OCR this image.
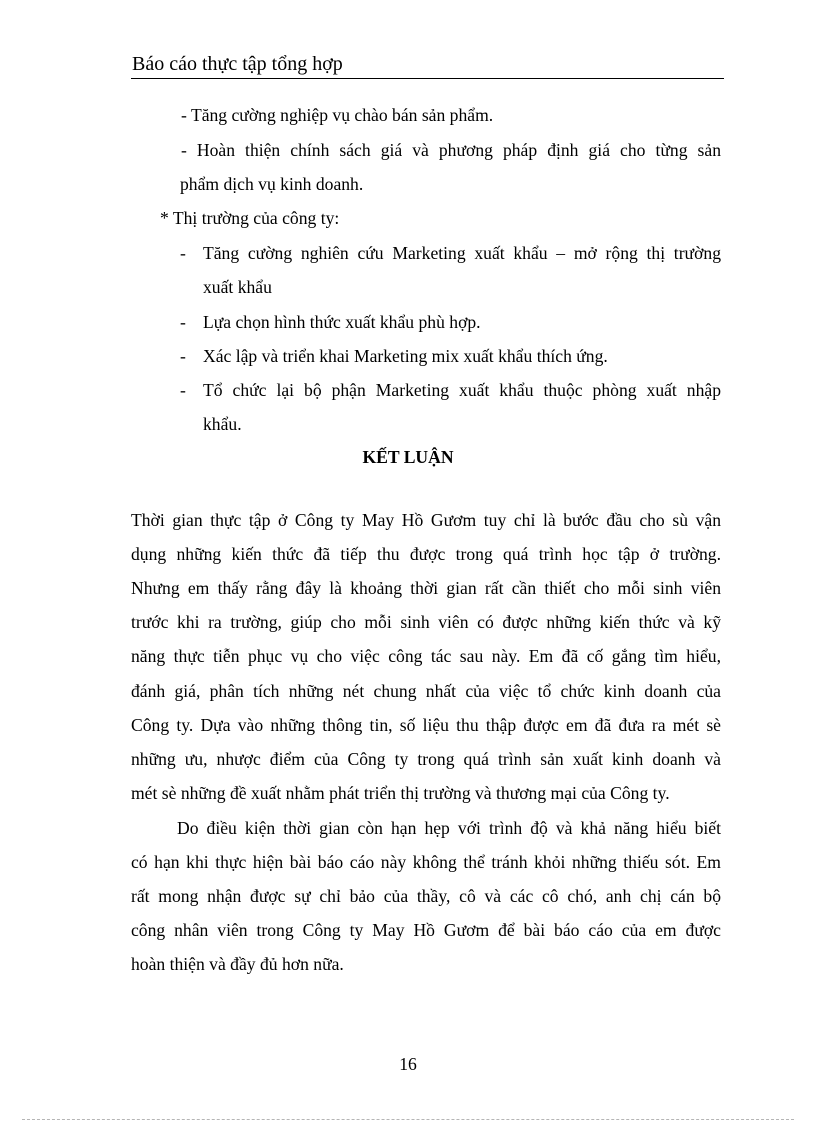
Báo cáo thực tập tổng hợp

- Tăng cường nghiệp vụ chào bán sản phẩm.

- Hoàn thiện chính sách giá và phương pháp định giá cho từng sản

phẩm dịch vụ kinh doanh.

* Thị trường của công ty:

- Tăng cường nghiên cứu Marketing xuất khẩu – mở rộng thị trường

xuất khẩu

- Lựa chọn hình thức xuất khẩu phù hợp.

- Xác lập và triển khai Marketing mix xuất khẩu thích ứng.

- Tổ chức lại bộ phận Marketing xuất khẩu thuộc phòng xuất nhập

khẩu.

KẾT LUẬN

Thời gian thực tập ở Công ty May Hồ Gươm tuy chỉ là bước đầu cho sù vận

dụng những kiến thức đã tiếp thu được trong quá trình học tập ở trường.

Nhưng em thấy rằng đây là khoảng thời gian rất cần thiết cho mỗi sinh viên

trước khi ra trường, giúp cho mỗi sinh viên có được những kiến thức và kỹ

năng thực tiễn phục vụ cho việc công tác sau này. Em đã cố gắng tìm hiểu,

đánh giá, phân tích những nét chung nhất của việc tổ chức kinh doanh của

Công ty. Dựa vào những thông tin, số liệu thu thập được em đã đưa ra mét sè

những ưu, nhược điểm của Công ty trong quá trình sản xuất kinh doanh và

mét sè những đề xuất nhằm phát triển thị trường và thương mại của Công ty.

Do điều kiện thời gian còn hạn hẹp với trình độ và khả năng hiểu biết

có hạn khi thực hiện bài báo cáo này không thể tránh khỏi những thiếu sót. Em

rất mong nhận được sự chỉ bảo của thầy, cô và các cô chó, anh chị cán bộ

công nhân viên trong Công ty May Hồ Gươm để bài báo cáo của em được

hoàn thiện và đầy đủ hơn nữa.

16
